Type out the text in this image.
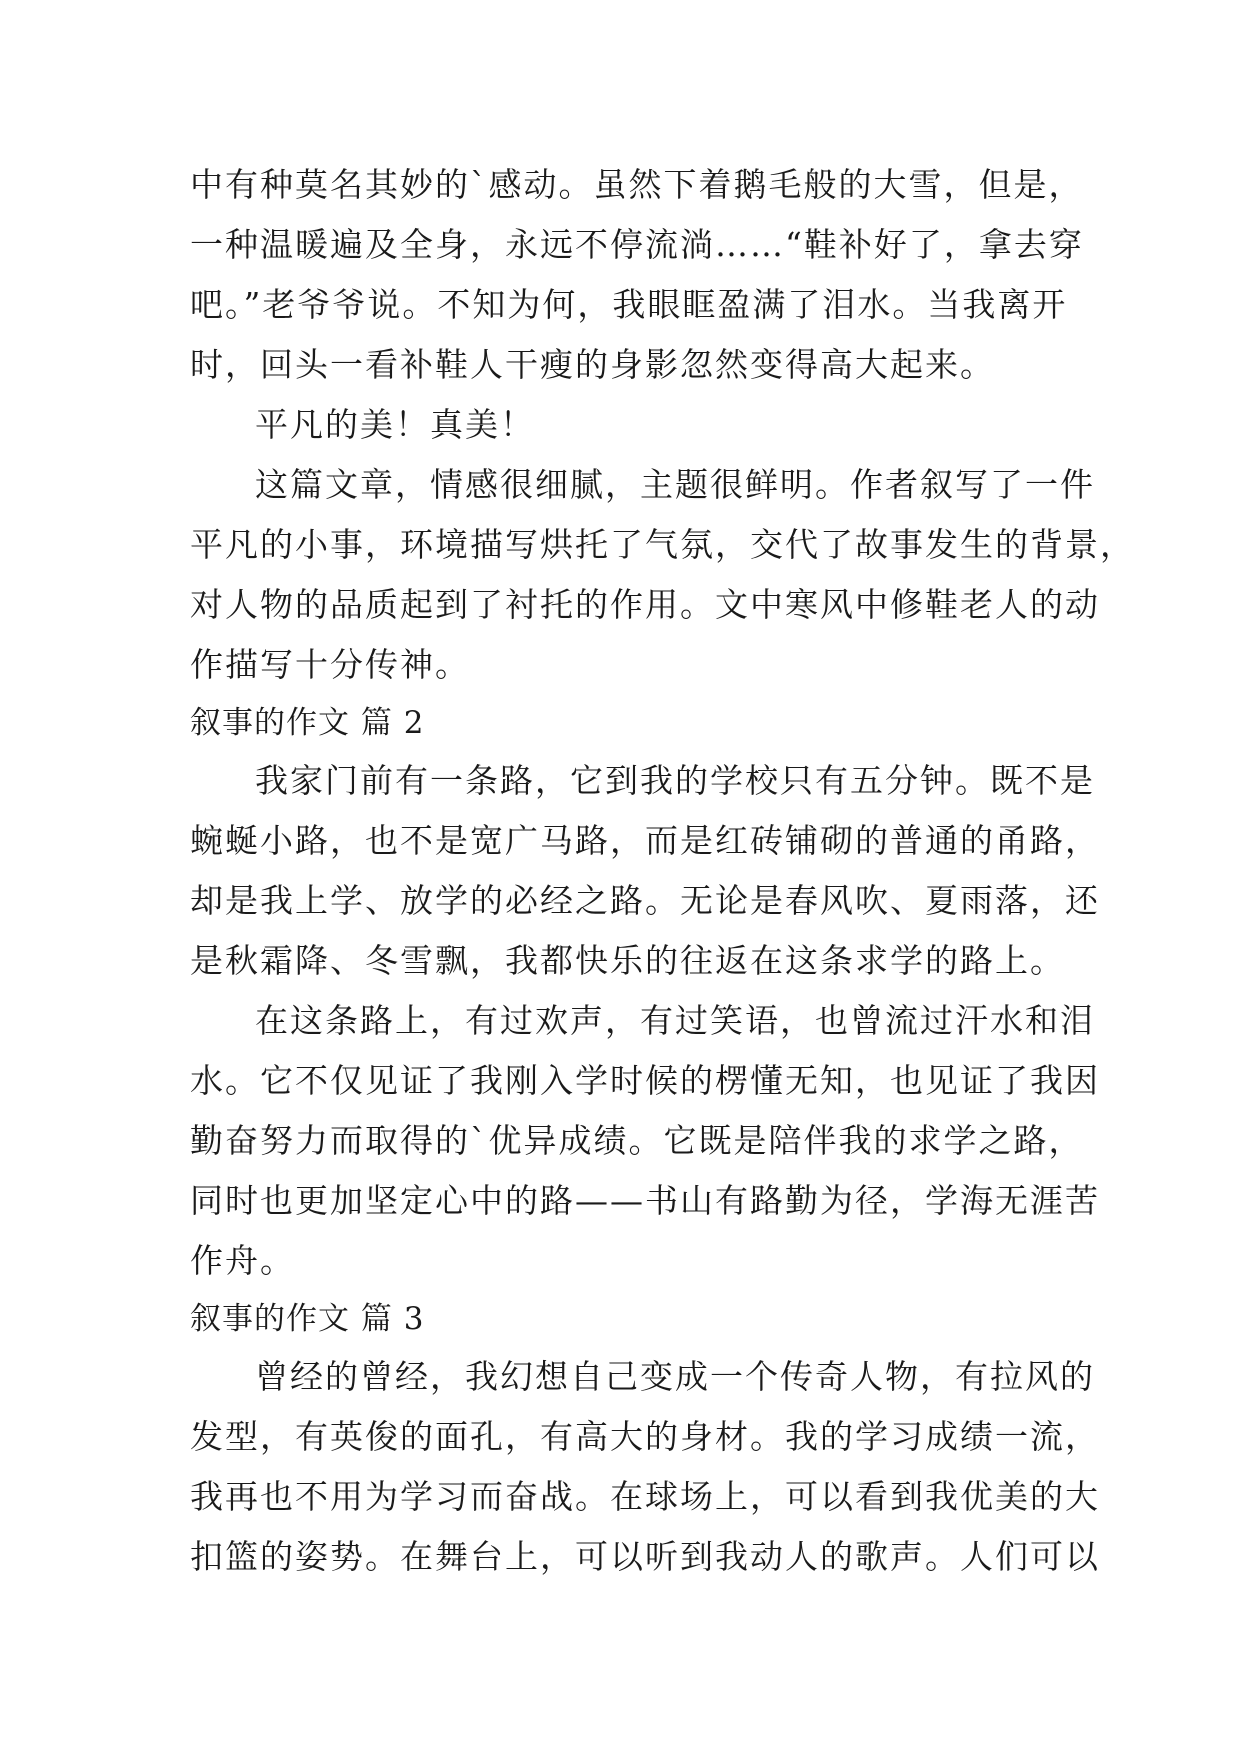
中有种莫名其妙的`感动。虽然下着鹅毛般的大雪，但是，
一种温暖遍及全身，永远不停流淌……“鞋补好了，拿去穿
吧。”老爷爷说。不知为何，我眼眶盈满了泪水。当我离开
时，回头一看补鞋人干瘦的身影忽然变得高大起来。
平凡的美！真美！
这篇文章，情感很细腻，主题很鲜明。作者叙写了一件
平凡的小事，环境描写烘托了气氛，交代了故事发生的背景，
对人物的品质起到了衬托的作用。文中寒风中修鞋老人的动
作描写十分传神。
叙事的作文 篇 2
我家门前有一条路，它到我的学校只有五分钟。既不是
蜿蜒小路，也不是宽广马路，而是红砖铺砌的普通的甬路，
却是我上学、放学的必经之路。无论是春风吹、夏雨落，还
是秋霜降、冬雪飘，我都快乐的往返在这条求学的路上。
在这条路上，有过欢声，有过笑语，也曾流过汗水和泪
水。它不仅见证了我刚入学时候的楞懂无知，也见证了我因
勤奋努力而取得的`优异成绩。它既是陪伴我的求学之路，
同时也更加坚定心中的路——书山有路勤为径，学海无涯苦
作舟。
叙事的作文 篇 3
曾经的曾经，我幻想自己变成一个传奇人物，有拉风的
发型，有英俊的面孔，有高大的身材。我的学习成绩一流，
我再也不用为学习而奋战。在球场上，可以看到我优美的大
扣篮的姿势。在舞台上，可以听到我动人的歌声。人们可以
